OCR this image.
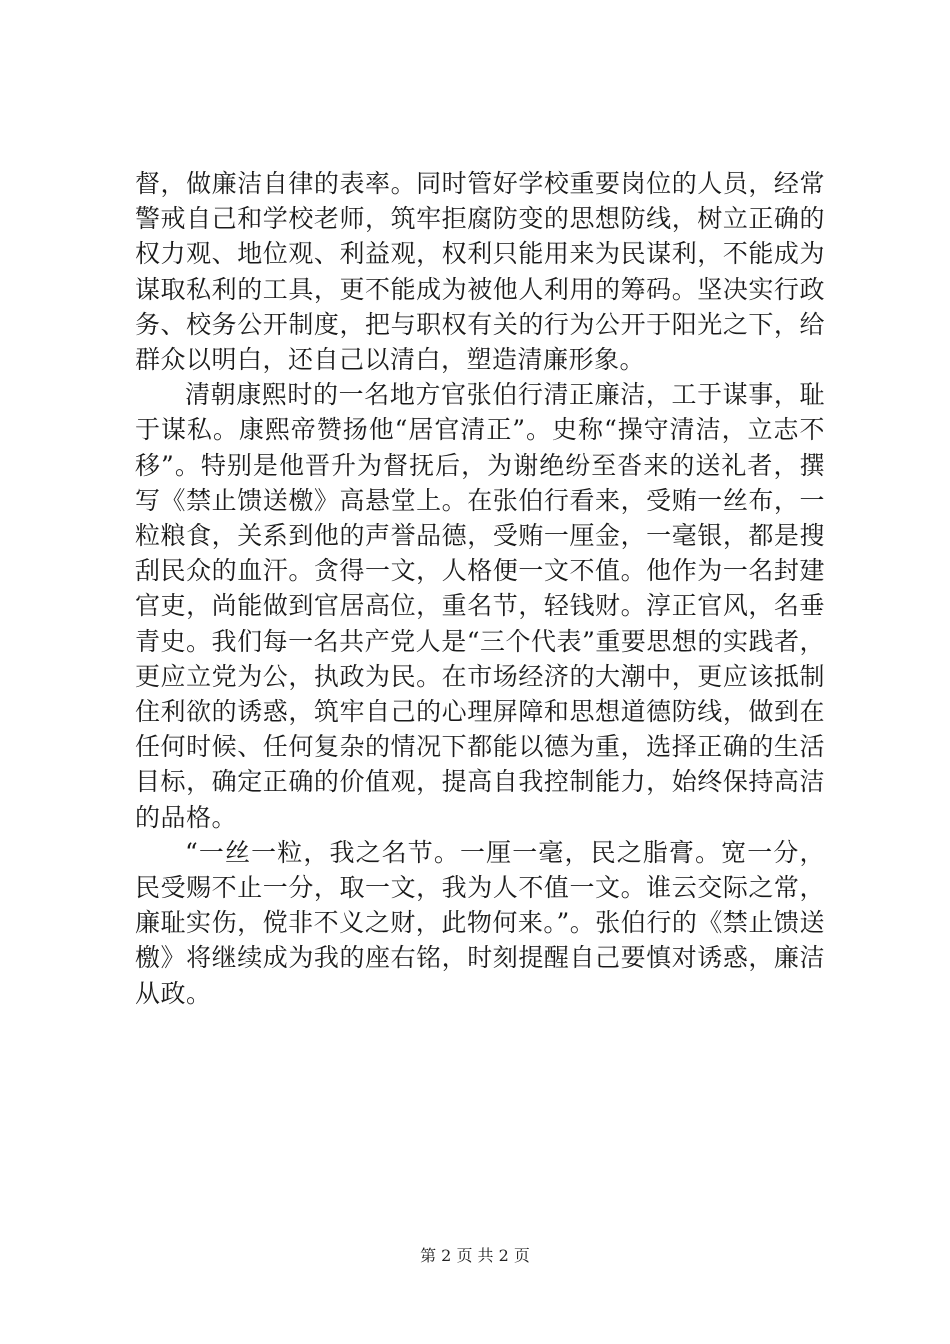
督，做廉洁自律的表率。同时管好学校重要岗位的人员，经常警戒自己和学校老师，筑牢拒腐防变的思想防线，树立正确的权力观、地位观、利益观，权利只能用来为民谋利，不能成为谋取私利的工具，更不能成为被他人利用的筹码。坚决实行政务、校务公开制度，把与职权有关的行为公开于阳光之下，给群众以明白，还自己以清白，塑造清廉形象。

清朝康熙时的一名地方官张伯行清正廉洁，工于谋事，耻于谋私。康熙帝赞扬他“居官清正”。史称“操守清洁，立志不移”。特别是他晋升为督抚后，为谢绝纷至沓来的送礼者，撰写《禁止馈送檄》高悬堂上。在张伯行看来，受贿一丝布，一粒粮食，关系到他的声誉品德，受贿一厘金，一毫银，都是搜刮民众的血汗。贪得一文，人格便一文不值。他作为一名封建官吏，尚能做到官居高位，重名节，轻钱财。淳正官风，名垂青史。我们每一名共产党人是“三个代表”重要思想的实践者，更应立党为公，执政为民。在市场经济的大潮中，更应该抵制住利欲的诱惑，筑牢自己的心理屏障和思想道德防线，做到在任何时候、任何复杂的情况下都能以德为重，选择正确的生活目标，确定正确的价值观，提高自我控制能力，始终保持高洁的品格。

“一丝一粒，我之名节。一厘一毫，民之脂膏。宽一分，民受赐不止一分，取一文，我为人不值一文。谁云交际之常，廉耻实伤，傥非不义之财，此物何来。”。张伯行的《禁止馈送檄》将继续成为我的座右铭，时刻提醒自己要慎对诱惑，廉洁从政。

第 2 页 共 2 页
